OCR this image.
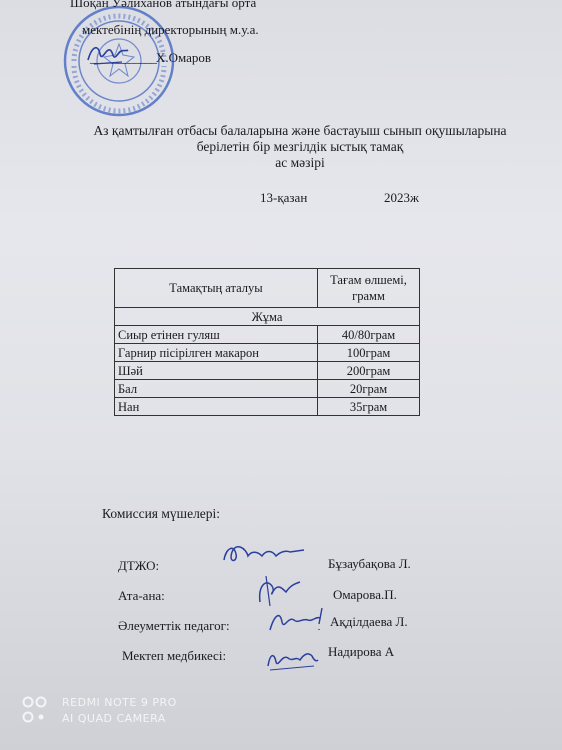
Шоқан Уәлиханов атындағы орта
мектебінің директорының м.у.а.
____________Х.Омаров
Аз қамтылған отбасы балаларына және бастауыш сынып оқушыларына
берілетін бір мезгілдік ыстық тамақ
ас мәзірі
13-қазан	2023ж
Тамақтың аталуы	Тағам өлшемі, грамм
Жұма	
Сиыр етінен гуляш	40/80грам
Гарнир пісірілген макарон	100грам
Шәй	200грам
Бал	20грам
Нан	35грам
Комиссия мүшелері:
ДТЖО:	Бұзаубақова Л.
Ата-ана:	Омарова.П.
Әлеуметтік педагог:	Ақділдаева Л.
Мектеп медбикесі:	Надирова А
REDMI NOTE 9 PRO
AI QUAD CAMERA
